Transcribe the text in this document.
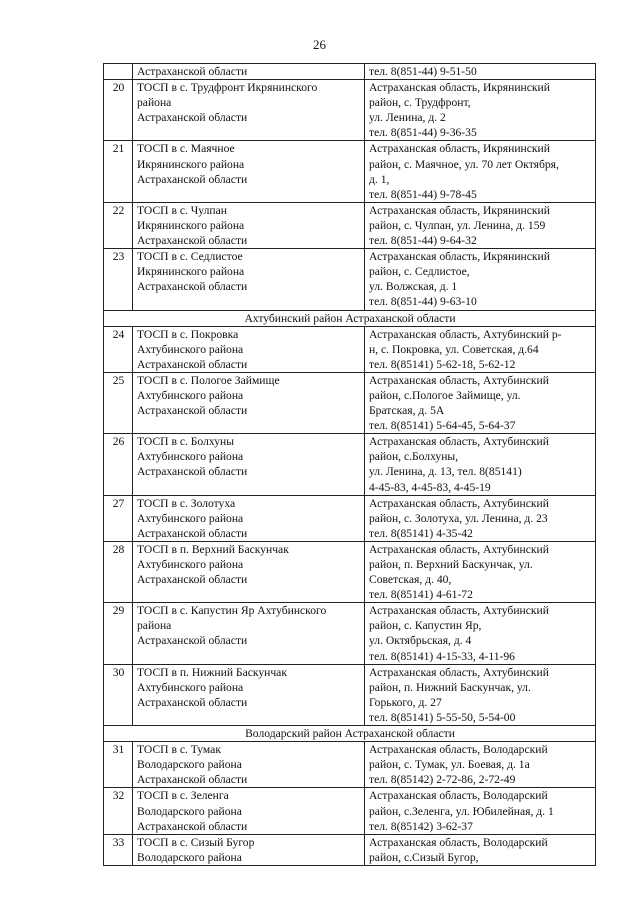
26

	Астраханской области	тел. 8(851-44) 9-51-50

20	ТОСП в с. Трудфронт Икрянинского
района
Астраханской области	Астраханская область, Икрянинский
район, с. Трудфронт,
ул. Ленина, д. 2
тел. 8(851-44) 9-36-35

21	ТОСП в с. Маячное
Икрянинского района
Астраханской области	Астраханская область, Икрянинский
район, с. Маячное, ул. 70 лет Октября,
д. 1,
тел. 8(851-44) 9-78-45

22	ТОСП в с. Чулпан
Икрянинского района
Астраханской области	Астраханская область, Икрянинский
район, с. Чулпан, ул. Ленина, д. 159
тел. 8(851-44) 9-64-32

23	ТОСП в с. Седлистое
Икрянинского района
Астраханской области	Астраханская область, Икрянинский
район, с. Седлистое,
ул. Волжская, д. 1
тел. 8(851-44) 9-63-10

Ахтубинский район Астраханской области		
24	ТОСП в с. Покровка
Ахтубинского района
Астраханской области	Астраханская область, Ахтубинский р-
н, с. Покровка, ул. Советская, д.64
тел. 8(85141) 5-62-18, 5-62-12

25	ТОСП в с. Пологое Займище
Ахтубинского района
Астраханской области	Астраханская область, Ахтубинский
район, с.Пологое Займище, ул.
Братская, д. 5А
тел. 8(85141) 5-64-45, 5-64-37

26	ТОСП в с. Болхуны
Ахтубинского района
Астраханской области	Астраханская область, Ахтубинский
район, с.Болхуны,
ул. Ленина, д. 13, тел. 8(85141)
4-45-83, 4-45-83, 4-45-19

27	ТОСП в с. Золотуха
Ахтубинского района
Астраханской области	Астраханская область, Ахтубинский
район, с. Золотуха, ул. Ленина, д. 23
тел. 8(85141) 4-35-42

28	ТОСП в п. Верхний Баскунчак
Ахтубинского района
Астраханской области	Астраханская область, Ахтубинский
район, п. Верхний Баскунчак, ул.
Советская, д. 40,
тел. 8(85141) 4-61-72

29	ТОСП в с. Капустин Яр Ахтубинского
района
Астраханской области	Астраханская область, Ахтубинский
район, с. Капустин Яр,
ул. Октябрьская, д. 4
тел. 8(85141) 4-15-33, 4-11-96

30	ТОСП в п. Нижний Баскунчак
Ахтубинского района
Астраханской области	Астраханская область, Ахтубинский
район, п. Нижний Баскунчак, ул.
Горького, д. 27
тел. 8(85141) 5-55-50, 5-54-00

Володарский район Астраханской области		
31	ТОСП в с. Тумак
Володарского района
Астраханской области	Астраханская область, Володарский
район, с. Тумак, ул. Боевая, д. 1а
тел. 8(85142) 2-72-86, 2-72-49

32	ТОСП в с. Зеленга
Володарского района
Астраханской области	Астраханская область, Володарский
район, с.Зеленга, ул. Юбилейная, д. 1
тел. 8(85142) 3-62-37

33	ТОСП в с. Сизый Бугор
Володарского района	Астраханская область, Володарский
район, с.Сизый Бугор,
